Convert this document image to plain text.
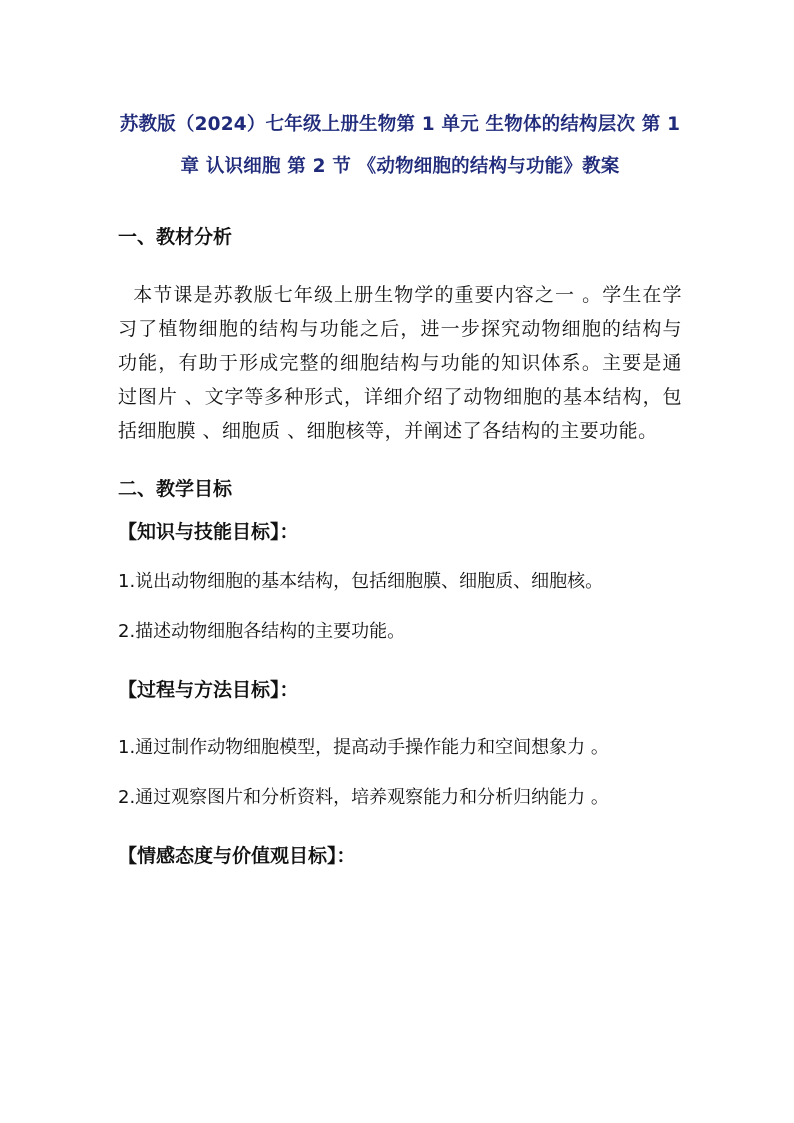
苏教版（2024）七年级上册生物第 1 单元 生物体的结构层次 第 1 章 认识细胞 第 2 节 《动物细胞的结构与功能》教案
一、教材分析
本节课是苏教版七年级上册生物学的重要内容之一 。学生在学习了植物细胞的结构与功能之后，进一步探究动物细胞的结构与功能，有助于形成完整的细胞结构与功能的知识体系。主要是通过图片 、文字等多种形式，详细介绍了动物细胞的基本结构，包括细胞膜 、细胞质 、细胞核等，并阐述了各结构的主要功能。
二、教学目标
【知识与技能目标】：
1.说出动物细胞的基本结构，包括细胞膜、细胞质、细胞核。
2.描述动物细胞各结构的主要功能。
【过程与方法目标】：
1.通过制作动物细胞模型，提高动手操作能力和空间想象力 。
2.通过观察图片和分析资料，培养观察能力和分析归纳能力 。
【情感态度与价值观目标】：
